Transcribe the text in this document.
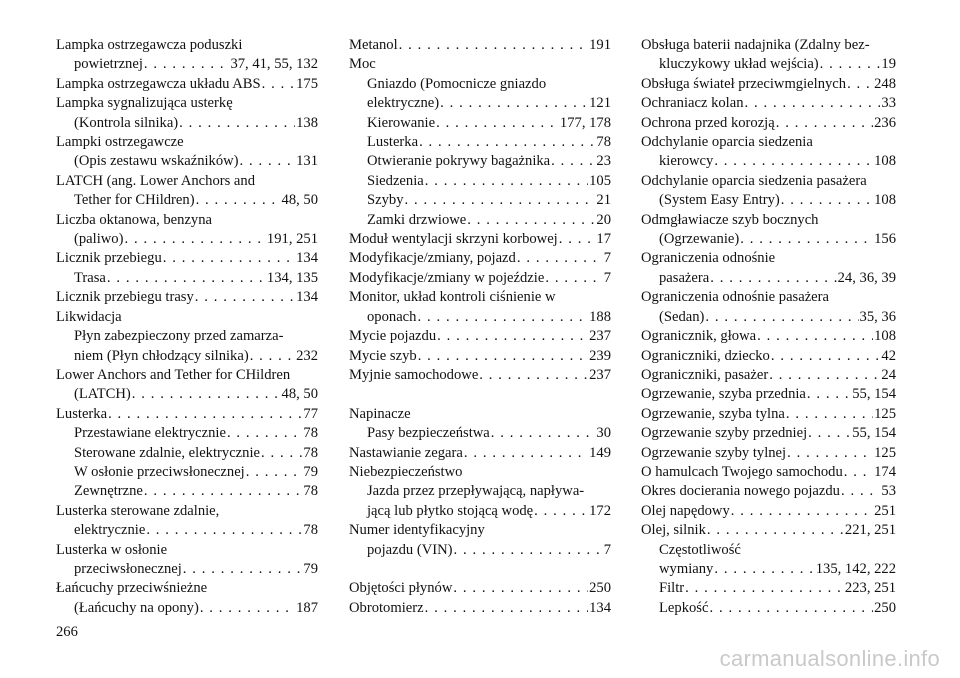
Lampka ostrzegawcza poduszki
powietrznej . . .	37, 41, 55, 132
Lampka ostrzegawcza układu ABS . . . 175
Lampka sygnalizująca usterkę
(Kontrola silnika) . . .	138
Lampki ostrzegawcze
(Opis zestawu wskaźników) . . .	131
LATCH (ang. Lower Anchors and
Tether for CHildren) . . .	48, 50
Liczba oktanowa, benzyna
(paliwo) . . .	191, 251
Licznik przebiegu . . .	134
Trasa . . .	134, 135
Licznik przebiegu trasy . . .	134
Likwidacja
Płyn zabezpieczony przed zamarza-
niem (Płyn chłodzący silnika) . . .	232
Lower Anchors and Tether for CHildren
(LATCH) . . .	48, 50
Lusterka . . .	77
Przestawiane elektrycznie . . .	78
Sterowane zdalnie, elektrycznie . . .	78
W osłonie przeciwsłonecznej . . .	79
Zewnętrzne . . .	78
Lusterka sterowane zdalnie,
elektrycznie . . .	78
Lusterka w osłonie
przeciwsłonecznej . . .	79
Łańcuchy przeciwśnieżne
(Łańcuchy na opony) . . .	187
Metanol . . .	191
Moc
Gniazdo (Pomocnicze gniazdo
elektryczne) . . .	121
Kierowanie . . .	177, 178
Lusterka . . .	78
Otwieranie pokrywy bagażnika . . .	23
Siedzenia . . .	105
Szyby . . .	21
Zamki drzwiowe . . .	20
Moduł wentylacji skrzyni korbowej . . .	17
Modyfikacje/zmiany, pojazd . . .	7
Modyfikacje/zmiany w pojeździe . . .	7
Monitor, układ kontroli ciśnienie w
oponach . . .	188
Mycie pojazdu . . .	237
Mycie szyb . . .	239
Myjnie samochodowe . . .	237
Napinacze
Pasy bezpieczeństwa . . .	30
Nastawianie zegara . . .	149
Niebezpieczeństwo
Jazda przez przepływającą, napływa-
jącą lub płytko stojącą wodę . . .	172
Numer identyfikacyjny
pojazdu (VIN) . . .	7
Objętości płynów . . .	250
Obrotomierz . . .	134
Obsługa baterii nadajnika (Zdalny bez-
kluczykowy układ wejścia) . . .	19
Obsługa świateł przeciwmgielnych . . . 248
Ochraniacz kolan . . .	33
Ochrona przed korozją . . .	236
Odchylanie oparcia siedzenia
kierowcy . . .	108
Odchylanie oparcia siedzenia pasażera
(System Easy Entry) . . .	108
Odmgławiacze szyb bocznych
(Ogrzewanie) . . .	156
Ograniczenia odnośnie
pasażera . . .	24, 36, 39
Ograniczenia odnośnie pasażera
(Sedan) . . .	35, 36
Ogranicznik, głowa . . .	108
Ograniczniki, dziecko . . .	42
Ograniczniki, pasażer . . .	24
Ogrzewanie, szyba przednia . . .	55, 154
Ogrzewanie, szyba tylna . . .	125
Ogrzewanie szyby przedniej . . .	55, 154
Ogrzewanie szyby tylnej . . .	125
O hamulcach Twojego samochodu . . . 174
Okres docierania nowego pojazdu . . .	53
Olej napędowy . . .	251
Olej, silnik . . .	221, 251
Częstotliwość
wymiany . . .	135, 142, 222
Filtr . . .	223, 251
Lepkość . . .	250
266
carmanualsonline.info
